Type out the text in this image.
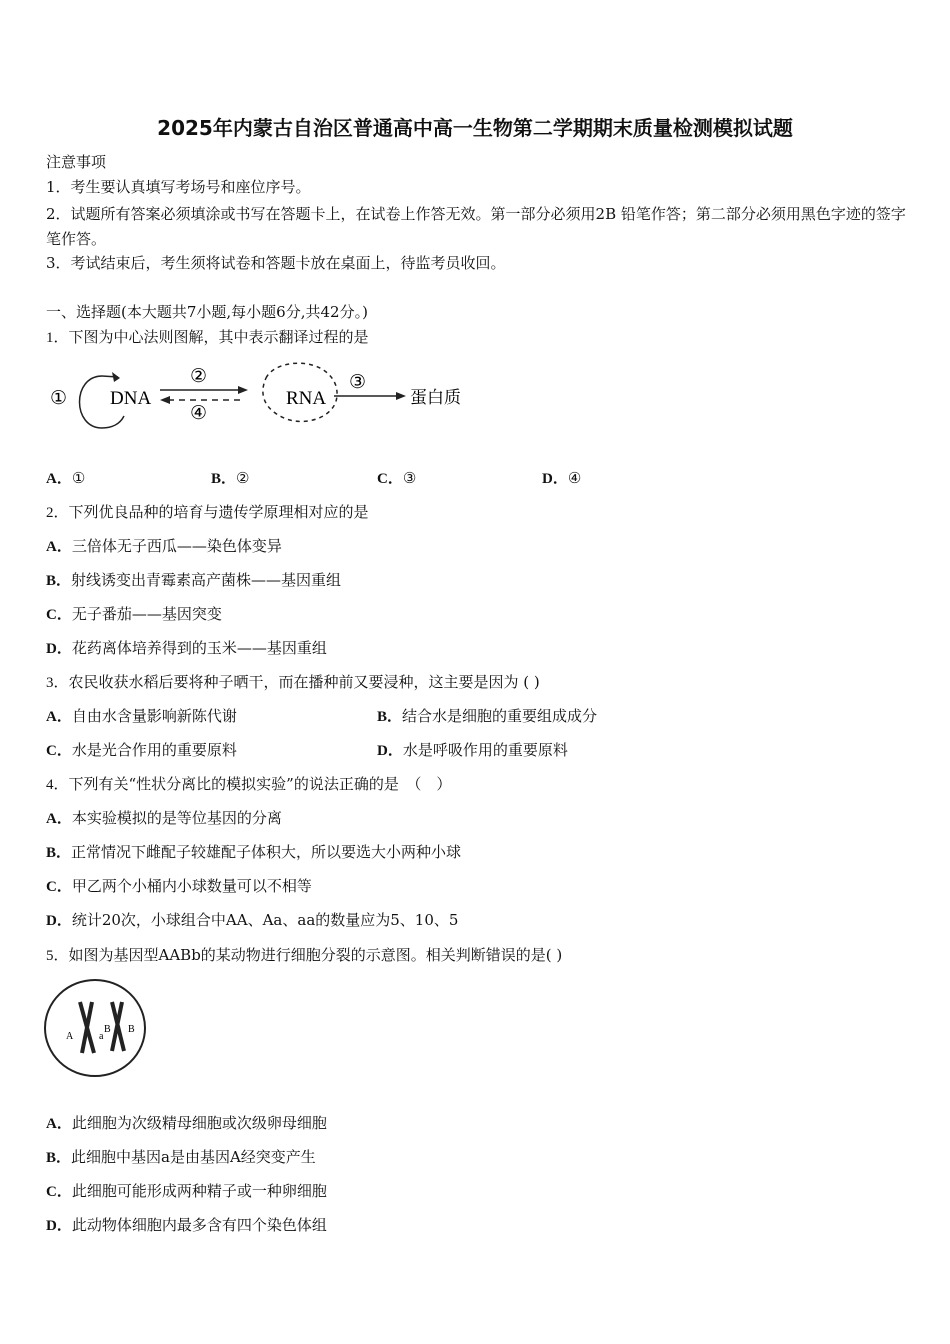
2025年内蒙古自治区普通高中高一生物第二学期期末质量检测模拟试题
注意事项
1．考生要认真填写考场号和座位序号。
2．试题所有答案必须填涂或书写在答题卡上，在试卷上作答无效。第一部分必须用2B 铅笔作答；第二部分必须用黑色字迹的签字笔作答。
3．考试结束后，考生须将试卷和答题卡放在桌面上，待监考员收回。
一、选择题(本大题共7小题,每小题6分,共42分。)
1．下图为中心法则图解，其中表示翻译过程的是
① DNA
②
④
RNA
③
蛋白质
A．①	B．②	C．③	D．④
2．下列优良品种的培育与遗传学原理相对应的是
A．三倍体无子西瓜——染色体变异
B．射线诱变出青霉素高产菌株——基因重组
C．无子番茄——基因突变
D．花药离体培养得到的玉米——基因重组
3．农民收获水稻后要将种子晒干，而在播种前又要浸种，这主要是因为 ( )
A．自由水含量影响新陈代谢	B．结合水是细胞的重要组成成分
C．水是光合作用的重要原料	D．水是呼吸作用的重要原料
4．下列有关“性状分离比的模拟实验”的说法正确的是　（　）
A．本实验模拟的是等位基因的分离
B．正常情况下雌配子较雄配子体积大，所以要选大小两种小球
C．甲乙两个小桶内小球数量可以不相等
D．统计20次，小球组合中AA、Aa、aa的数量应为5、10、5
5．如图为基因型AABb的某动物进行细胞分裂的示意图。相关判断错误的是( )
A	a
B B
A．此细胞为次级精母细胞或次级卵母细胞
B．此细胞中基因a是由基因A经突变产生
C．此细胞可能形成两种精子或一种卵细胞
D．此动物体细胞内最多含有四个染色体组
